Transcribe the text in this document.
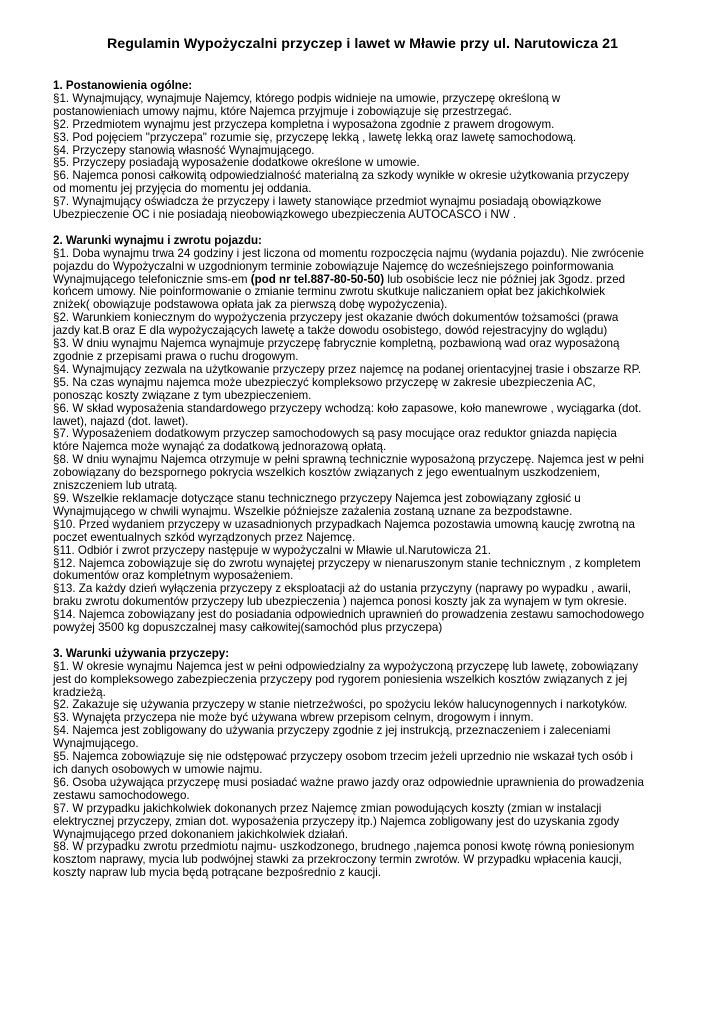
Regulamin Wypożyczalni przyczep i lawet w Mławie przy ul. Narutowicza 21
1. Postanowienia ogólne:
§1. Wynajmujący, wynajmuje Najemcy, którego podpis widnieje na umowie, przyczepę określoną w
postanowieniach umowy najmu, które Najemca przyjmuje i zobowiązuje się przestrzegać.
§2. Przedmiotem wynajmu jest przyczepa kompletna i wyposażona zgodnie z prawem drogowym.
§3. Pod pojęciem "przyczepa" rozumie się, przyczepę lekką , lawetę lekką oraz lawetę samochodową.
§4. Przyczepy stanowią własność Wynajmującego.
§5. Przyczepy posiadają wyposażenie dodatkowe określone w umowie.
§6. Najemca ponosi całkowitą odpowiedzialność materialną za szkody wynikłe w okresie użytkowania przyczepy
od momentu jej przyjęcia do momentu jej oddania.
§7. Wynajmujący oświadcza że przyczepy i lawety stanowiące przedmiot wynajmu posiadają obowiązkowe
Ubezpieczenie OC i nie posiadają nieobowiązkowego ubezpieczenia AUTOCASCO i NW .
2. Warunki wynajmu i zwrotu pojazdu:
§1. Doba wynajmu trwa 24 godziny i jest liczona od momentu rozpoczęcia najmu (wydania pojazdu). Nie zwrócenie
pojazdu do Wypożyczalni w uzgodnionym terminie zobowiązuje Najemcę do wcześniejszego poinformowania
Wynajmującego telefonicznie sms-em (pod nr tel.887-80-50-50) lub osobiście lecz nie później jak 3godz. przed
końcem umowy. Nie poinformowanie o zmianie terminu zwrotu skutkuje naliczaniem opłat bez jakichkolwiek
zniżek( obowiązuje podstawowa opłata jak za pierwszą dobę wypożyczenia).
§2. Warunkiem koniecznym do wypożyczenia przyczepy jest okazanie dwóch dokumentów tożsamości (prawa
jazdy kat.B oraz E dla wypożyczających lawetę a także dowodu osobistego, dowód rejestracyjny do wglądu)
§3. W dniu wynajmu Najemca wynajmuje przyczepę fabrycznie kompletną, pozbawioną wad oraz wyposażoną
zgodnie z przepisami prawa o ruchu drogowym.
§4. Wynajmujący zezwala na użytkowanie przyczepy przez najemcę na podanej orientacyjnej trasie i obszarze RP.
§5. Na czas wynajmu najemca może ubezpieczyć kompleksowo przyczepę w zakresie ubezpieczenia AC,
ponosząc koszty związane z tym ubezpieczeniem.
§6. W skład wyposażenia standardowego przyczepy wchodzą: koło zapasowe, koło manewrowe , wyciągarka (dot.
lawet), najazd (dot. lawet).
§7. Wyposażeniem dodatkowym przyczep samochodowych są pasy mocujące oraz reduktor gniazda napięcia
które Najemca może wynająć za dodatkową jednorazową opłatą.
§8. W dniu wynajmu Najemca otrzymuje w pełni sprawną technicznie wyposażoną przyczepę. Najemca jest w pełni
zobowiązany do bezspornego pokrycia wszelkich kosztów związanych z jego ewentualnym uszkodzeniem,
zniszczeniem lub utratą.
§9. Wszelkie reklamacje dotyczące stanu technicznego przyczepy Najemca jest zobowiązany zgłosić u
Wynajmującego w chwili wynajmu. Wszelkie późniejsze zażalenia zostaną uznane za bezpodstawne.
§10. Przed wydaniem przyczepy w uzasadnionych przypadkach Najemca pozostawia umowną kaucję zwrotną na
poczet ewentualnych szkód wyrządzonych przez Najemcę.
§11. Odbiór i zwrot przyczepy następuje w wypożyczalni w Mławie ul.Narutowicza 21.
§12. Najemca zobowiązuje się do zwrotu wynajętej przyczepy w nienaruszonym stanie technicznym , z kompletem
dokumentów oraz kompletnym wyposażeniem.
§13. Za każdy dzień wyłączenia przyczepy z eksploatacji aż do ustania przyczyny (naprawy po wypadku , awarii,
braku zwrotu dokumentów przyczepy lub ubezpieczenia ) najemca ponosi koszty jak za wynajem w tym okresie.
§14. Najemca zobowiązany jest do posiadania odpowiednich uprawnień do prowadzenia zestawu samochodowego
powyżej 3500 kg dopuszczalnej masy całkowitej(samochód plus przyczepa)
3. Warunki używania przyczepy:
§1. W okresie wynajmu Najemca jest w pełni odpowiedzialny za wypożyczoną przyczepę lub lawetę, zobowiązany
jest do kompleksowego zabezpieczenia przyczepy pod rygorem poniesienia wszelkich kosztów związanych z jej
kradzieżą.
§2. Zakazuje się używania przyczepy w stanie nietrzeźwości, po spożyciu leków halucynogennych i narkotyków.
§3. Wynajęta przyczepa nie może być używana wbrew przepisom celnym, drogowym i innym.
§4. Najemca jest zobligowany do używania przyczepy zgodnie z jej instrukcją, przeznaczeniem i zaleceniami
Wynajmującego.
§5. Najemca zobowiązuje się nie odstępować przyczepy osobom trzecim jeżeli uprzednio nie wskazał tych osób i
ich danych osobowych w umowie najmu.
§6. Osoba używająca przyczepę musi posiadać ważne prawo jazdy oraz odpowiednie uprawnienia do prowadzenia
zestawu samochodowego.
§7. W przypadku jakichkolwiek dokonanych przez Najemcę zmian powodujących koszty (zmian w instalacji
elektrycznej przyczepy, zmian dot. wyposażenia przyczepy itp.) Najemca zobligowany jest do uzyskania zgody
Wynajmującego przed dokonaniem jakichkolwiek działań.
§8. W przypadku zwrotu przedmiotu najmu- uszkodzonego, brudnego ,najemca ponosi kwotę równą poniesionym
kosztom naprawy, mycia lub podwójnej stawki za przekroczony termin zwrotów. W przypadku wpłacenia kaucji,
koszty napraw lub mycia będą potrącane bezpośrednio z kaucji.
